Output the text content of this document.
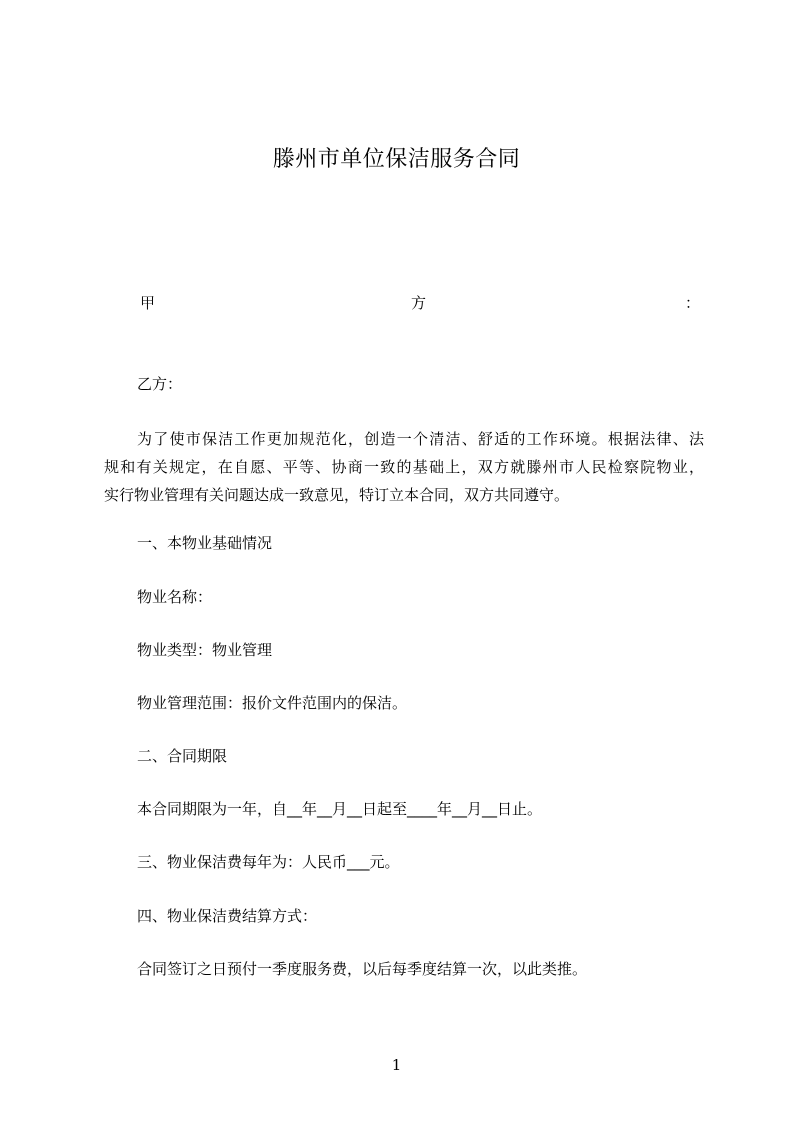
滕州市单位保洁服务合同
甲	方	：

乙方：

为了使市保洁工作更加规范化，创造一个清洁、舒适的工作环境。根据法律、法
规和有关规定，在自愿、平等、协商一致的基础上，双方就滕州市人民检察院物业，
实行物业管理有关问题达成一致意见，特订立本合同，双方共同遵守。

一、本物业基础情况

物业名称：

物业类型：物业管理

物业管理范围：报价文件范围内的保洁。

二、合同期限

本合同期限为一年，自__年__月__日起至____年__月__日止。

三、物业保洁费每年为：人民币___元。

四、物业保洁费结算方式：

合同签订之日预付一季度服务费，以后每季度结算一次，以此类推。

1
